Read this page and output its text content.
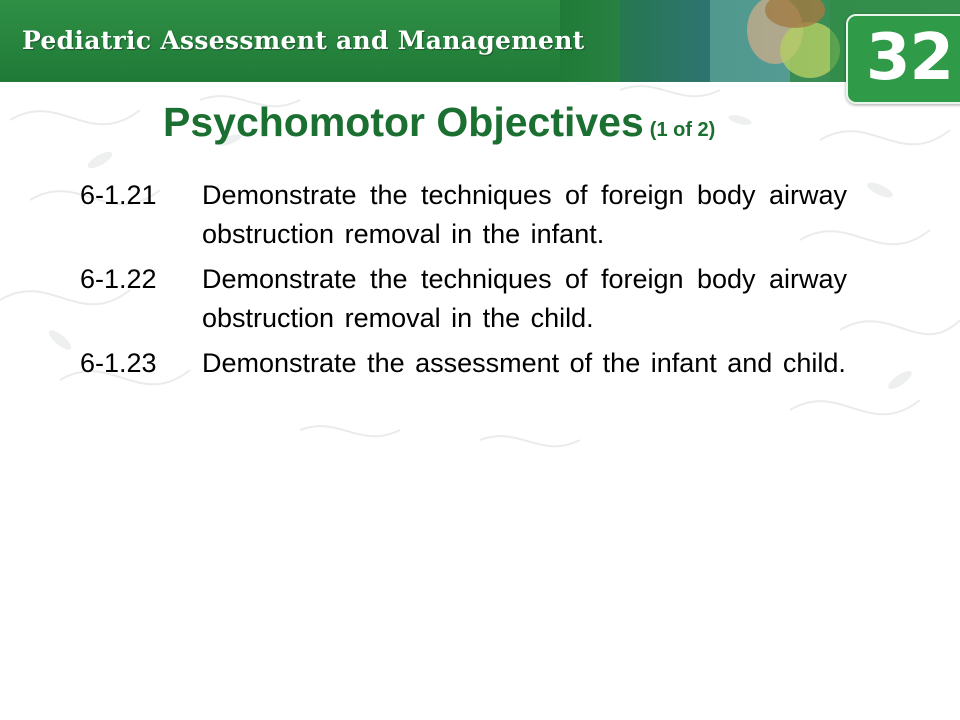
Pediatric Assessment and Management	32
Psychomotor Objectives (1 of 2)
6-1.21	Demonstrate the techniques of foreign body airway obstruction removal in the infant.
6-1.22	Demonstrate the techniques of foreign body airway obstruction removal in the child.
6-1.23	Demonstrate the assessment of the infant and child.
